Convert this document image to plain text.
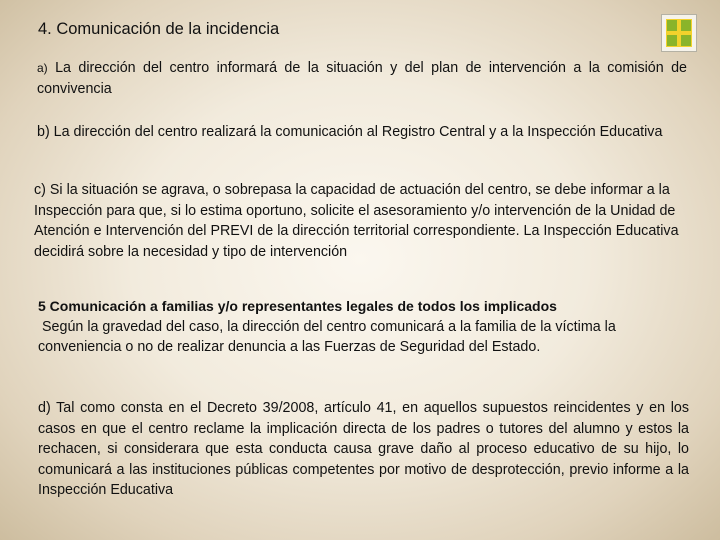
4. Comunicación de la incidencia
a) La dirección del centro informará de la situación y del plan de intervención a la comisión de convivencia
b) La dirección del centro realizará la comunicación al Registro Central y a la Inspección Educativa
c) Si la situación se agrava, o sobrepasa la capacidad de actuación del centro, se debe informar a la Inspección para que, si lo estima oportuno, solicite el asesoramiento y/o intervención de la Unidad de
Atención e Intervención del PREVI de la dirección territorial correspondiente. La Inspección Educativa decidirá sobre la necesidad y tipo de intervención
5 Comunicación a familias y/o representantes legales de todos los implicados
Según la gravedad del caso, la dirección del centro comunicará a la familia de la víctima la conveniencia o no de realizar denuncia a las Fuerzas de Seguridad del Estado.
d) Tal como consta en el Decreto 39/2008, artículo 41, en aquellos supuestos reincidentes y en los casos en que el centro reclame la implicación directa de los padres o tutores del alumno y estos la rechacen, si considerara que esta conducta causa grave daño al proceso educativo de su hijo, lo comunicará a las instituciones públicas competentes por motivo de desprotección, previo informe a la Inspección Educativa
